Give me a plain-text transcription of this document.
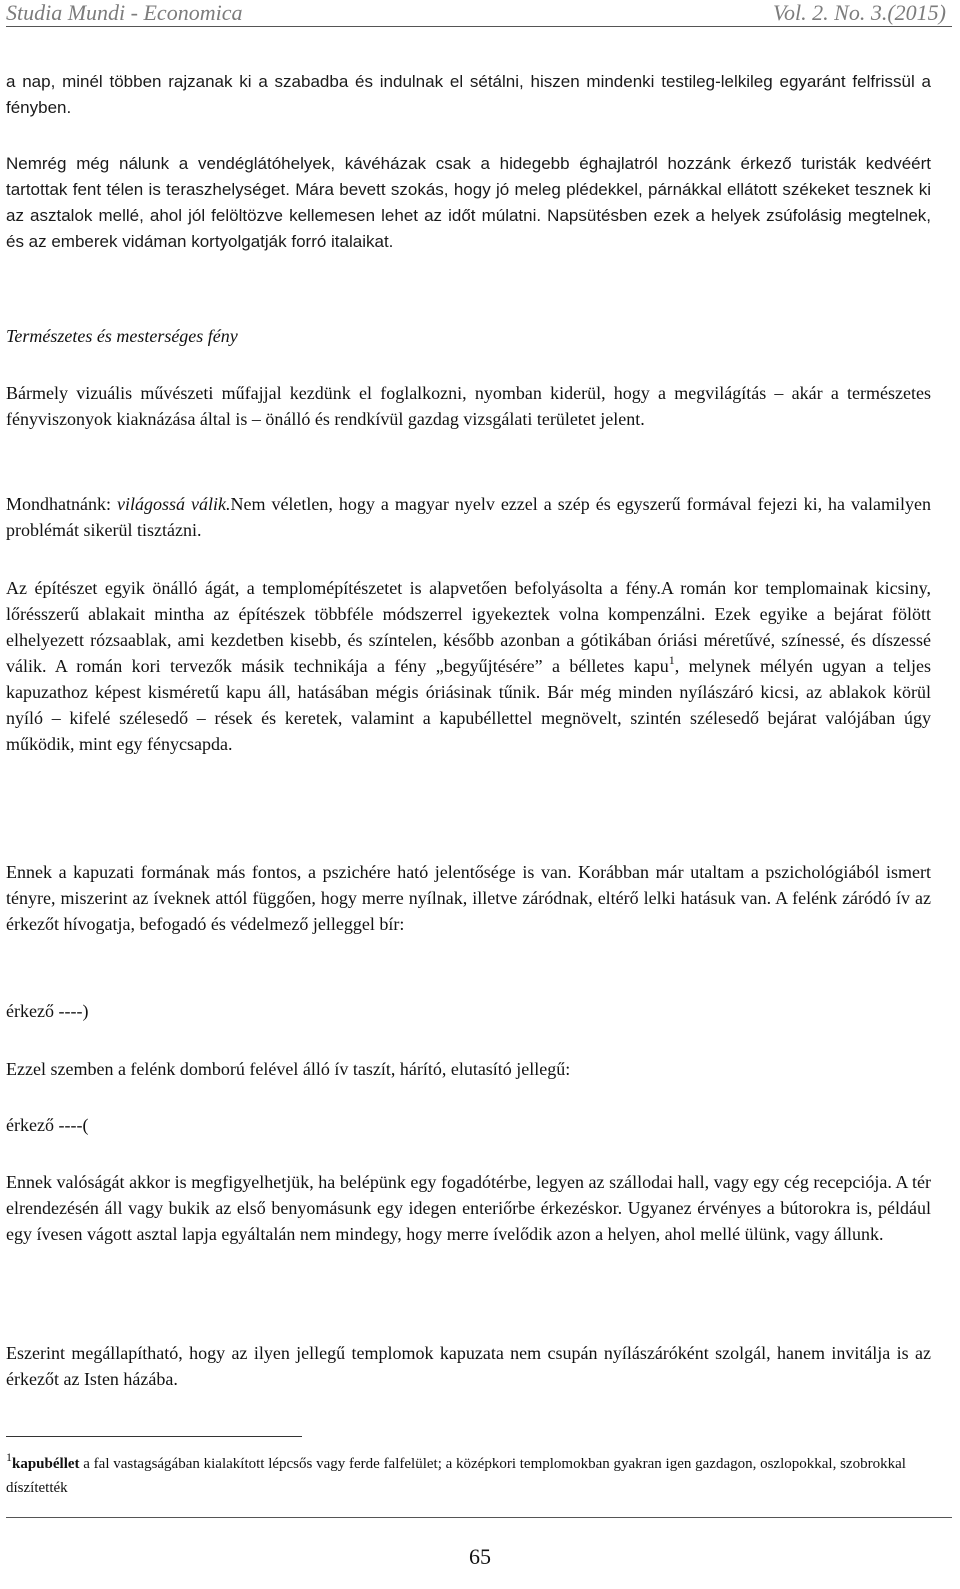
Studia Mundi - Economica	Vol. 2. No. 3.(2015)

a nap, minél többen rajzanak ki a szabadba és indulnak el sétálni, hiszen mindenki testileg-lelkileg egyaránt felfrissül a fényben.

Nemrég még nálunk a vendéglátóhelyek, kávéházak csak a hidegebb éghajlatról hozzánk érkező turisták kedvéért tartottak fent télen is teraszhelységet. Mára bevett szokás, hogy jó meleg plédekkel, párnákkal ellátott székeket tesznek ki az asztalok mellé, ahol jól felöltözve kellemesen lehet az időt múlatni. Napsütésben ezek a helyek zsúfolásig megtelnek, és az emberek vidáman kortyolgatják forró italaikat.

Természetes és mesterséges fény

Bármely vizuális művészeti műfajjal kezdünk el foglalkozni, nyomban kiderül, hogy a megvilágítás – akár a természetes fényviszonyok kiaknázása által is – önálló és rendkívül gazdag vizsgálati területet jelent.

Mondhatnánk: világossá válik.Nem véletlen, hogy a magyar nyelv ezzel a szép és egyszerű formával fejezi ki, ha valamilyen problémát sikerül tisztázni.

Az építészet egyik önálló ágát, a templomépítészetet is alapvetően befolyásolta a fény.A román kor templomainak kicsiny, lőrésszerű ablakait mintha az építészek többféle módszerrel igyekeztek volna kompenzálni. Ezek egyike a bejárat fölött elhelyezett rózsaablak, ami kezdetben kisebb, és színtelen, később azonban a gótikában óriási méretűvé, színessé, és díszessé válik. A román kori tervezők másik technikája a fény „begyűjtésére” a bélletes kapu$^1$, melynek mélyén ugyan a teljes kapuzathoz képest kisméretű kapu áll, hatásában mégis óriásinak tűnik. Bár még minden nyílászáró kicsi, az ablakok körül nyíló – kifelé szélesedő – rések és keretek, valamint a kapubéllettel megnövelt, szintén szélesedő bejárat valójában úgy működik, mint egy fénycsapda.

Ennek a kapuzati formának más fontos, a pszichére ható jelentősége is van. Korábban már utaltam a pszichológiából ismert tényre, miszerint az íveknek attól függően, hogy merre nyílnak, illetve záródnak, eltérő lelki hatásuk van. A felénk záródó ív az érkezőt hívogatja, befogadó és védelmező jelleggel bír:

érkező ----)

Ezzel szemben a felénk domború felével álló ív taszít, hárító, elutasító jellegű:

érkező ----(

Ennek valóságát akkor is megfigyelhetjük, ha belépünk egy fogadótérbe, legyen az szállodai hall, vagy egy cég recepciója. A tér elrendezésén áll vagy bukik az első benyomásunk egy idegen enteriőrbe érkezéskor. Ugyanez érvényes a bútorokra is, például egy ívesen vágott asztal lapja egyáltalán nem mindegy, hogy merre ívelődik azon a helyen, ahol mellé ülünk, vagy állunk.

Eszerint megállapítható, hogy az ilyen jellegű templomok kapuzata nem csupán nyílászáróként szolgál, hanem invitálja is az érkezőt az Isten házába.

$^1$kapubéllet a fal vastagságában kialakított lépcsős vagy ferde falfelület; a középkori templomokban gyakran igen gazdagon, oszlopokkal, szobrokkal díszítették

65
